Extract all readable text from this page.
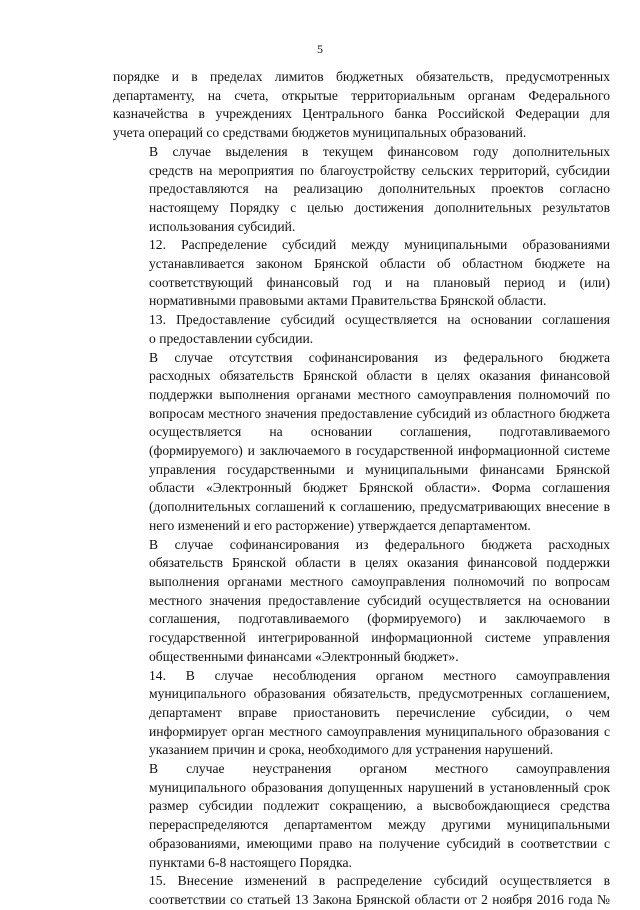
5

порядке и в пределах лимитов бюджетных обязательств, предусмотренных
департаменту, на счета, открытые территориальным органам Федерального
казначейства в учреждениях Центрального банка Российской Федерации для
учета операций со средствами бюджетов муниципальных образований.

В случае выделения в текущем финансовом году дополнительных
средств на мероприятия по благоустройству сельских территорий, субсидии
предоставляются на реализацию дополнительных проектов согласно
настоящему Порядку с целью достижения дополнительных результатов
использования субсидий.

12. Распределение субсидий между муниципальными образованиями
устанавливается законом Брянской области об областном бюджете на
соответствующий финансовый год и на плановый период и (или)
нормативными правовыми актами Правительства Брянской области.

13. Предоставление субсидий осуществляется на основании соглашения
о предоставлении субсидии.

В случае отсутствия софинансирования из федерального бюджета
расходных обязательств Брянской области в целях оказания финансовой
поддержки выполнения органами местного самоуправления полномочий по
вопросам местного значения предоставление субсидий из областного бюджета
осуществляется на основании соглашения, подготавливаемого
(формируемого) и заключаемого в государственной информационной системе
управления государственными и муниципальными финансами Брянской
области «Электронный бюджет Брянской области». Форма соглашения
(дополнительных соглашений к соглашению, предусматривающих внесение в
него изменений и его расторжение) утверждается департаментом.

В случае софинансирования из федерального бюджета расходных
обязательств Брянской области в целях оказания финансовой поддержки
выполнения органами местного самоуправления полномочий по вопросам
местного значения предоставление субсидий осуществляется на основании
соглашения, подготавливаемого (формируемого) и заключаемого в
государственной интегрированной информационной системе управления
общественными финансами «Электронный бюджет».

14. В случае несоблюдения органом местного самоуправления
муниципального образования обязательств, предусмотренных соглашением,
департамент вправе приостановить перечисление субсидии, о чем
информирует орган местного самоуправления муниципального образования с
указанием причин и срока, необходимого для устранения нарушений.

В случае неустранения органом местного самоуправления
муниципального образования допущенных нарушений в установленный срок
размер субсидии подлежит сокращению, а высвобождающиеся средства
перераспределяются департаментом между другими муниципальными
образованиями, имеющими право на получение субсидий в соответствии с
пунктами 6-8 настоящего Порядка.

15. Внесение изменений в распределение субсидий осуществляется в
соответствии со статьей 13 Закона Брянской области от 2 ноября 2016 года №
